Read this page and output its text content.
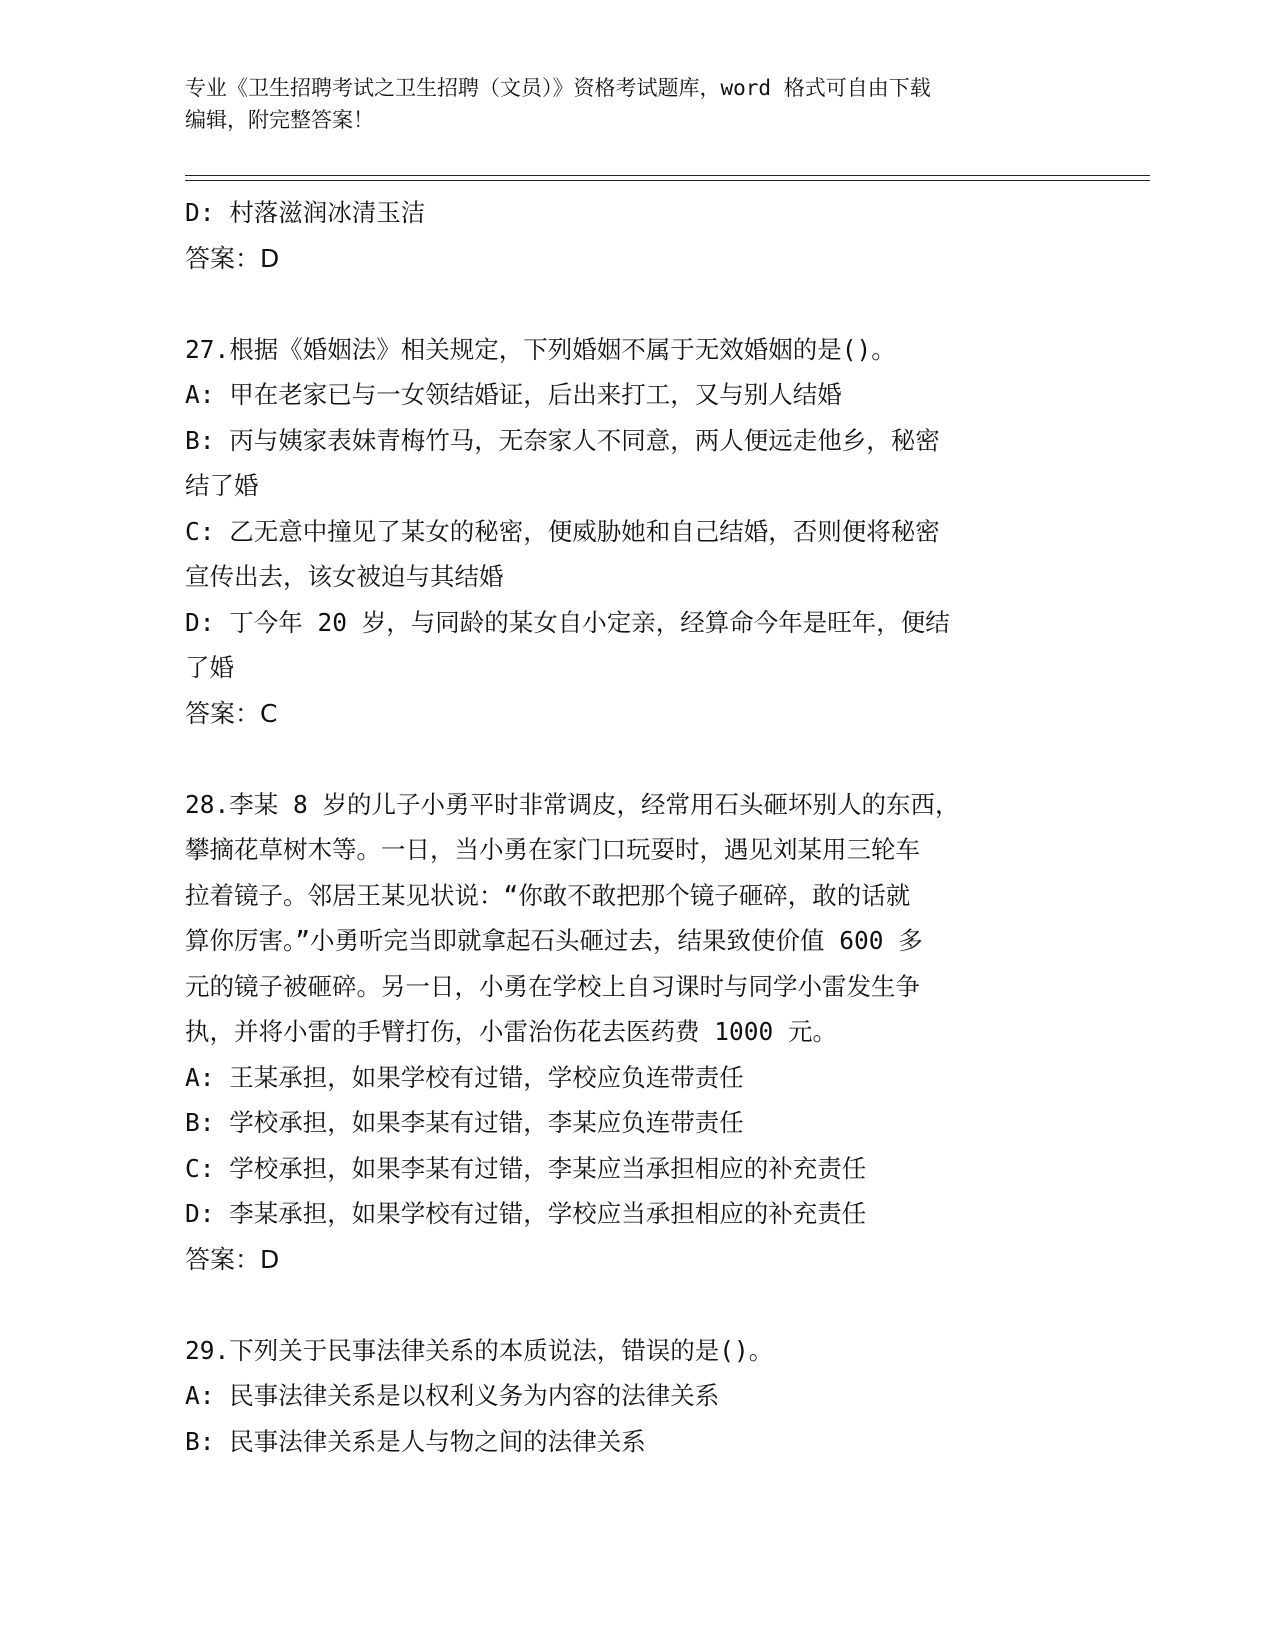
专业《卫生招聘考试之卫生招聘（文员）》资格考试题库，word 格式可自由下载
编辑，附完整答案！
D: 村落滋润冰清玉洁
答案：D
27.根据《婚姻法》相关规定，下列婚姻不属于无效婚姻的是()。
A: 甲在老家已与一女领结婚证，后出来打工，又与别人结婚
B: 丙与姨家表妹青梅竹马，无奈家人不同意，两人便远走他乡，秘密
结了婚
C: 乙无意中撞见了某女的秘密，便威胁她和自己结婚，否则便将秘密
宣传出去，该女被迫与其结婚
D: 丁今年 20 岁，与同龄的某女自小定亲，经算命今年是旺年，便结
了婚
答案：C
28.李某 8 岁的儿子小勇平时非常调皮，经常用石头砸坏别人的东西，
攀摘花草树木等。一日，当小勇在家门口玩耍时，遇见刘某用三轮车
拉着镜子。邻居王某见状说：“你敢不敢把那个镜子砸碎，敢的话就
算你厉害。”小勇听完当即就拿起石头砸过去，结果致使价值 600 多
元的镜子被砸碎。另一日，小勇在学校上自习课时与同学小雷发生争
执，并将小雷的手臂打伤，小雷治伤花去医药费 1000 元。
A: 王某承担，如果学校有过错，学校应负连带责任
B: 学校承担，如果李某有过错，李某应负连带责任
C: 学校承担，如果李某有过错，李某应当承担相应的补充责任
D: 李某承担，如果学校有过错，学校应当承担相应的补充责任
答案：D
29.下列关于民事法律关系的本质说法，错误的是()。
A: 民事法律关系是以权利义务为内容的法律关系
B: 民事法律关系是人与物之间的法律关系
